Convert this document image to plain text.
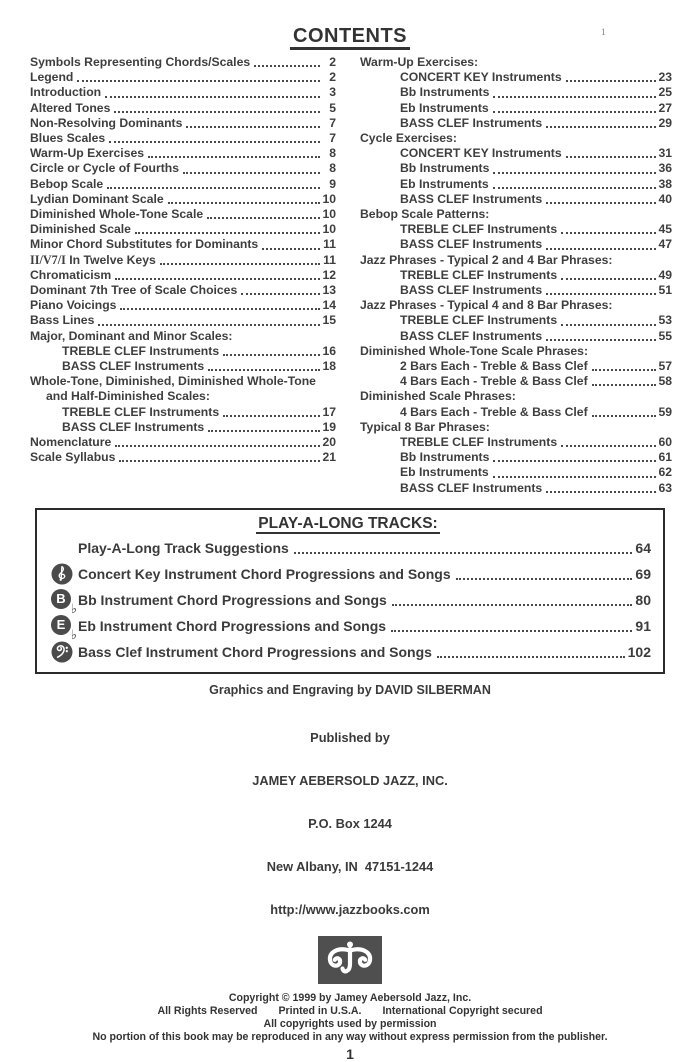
1
CONTENTS
Symbols Representing Chords/Scales	2
Legend	2
Introduction	3
Altered Tones	5
Non-Resolving Dominants	7
Blues Scales	7
Warm-Up Exercises	8
Circle or Cycle of Fourths	8
Bebop Scale	9
Lydian Dominant Scale	10
Diminished Whole-Tone Scale	10
Diminished Scale	10
Minor Chord Substitutes for Dominants	11
II/V7/I In Twelve Keys	11
Chromaticism	12
Dominant 7th Tree of Scale Choices	13
Piano Voicings	14
Bass Lines	15
Major, Dominant and Minor Scales:
TREBLE CLEF Instruments	16
BASS CLEF Instruments	18
Whole-Tone, Diminished, Diminished Whole-Tone and Half-Diminished Scales:
TREBLE CLEF Instruments	17
BASS CLEF Instruments	19
Nomenclature	20
Scale Syllabus	21
Warm-Up Exercises:
CONCERT KEY Instruments	23
Bb Instruments	25
Eb Instruments	27
BASS CLEF Instruments	29
Cycle Exercises:
CONCERT KEY Instruments	31
Bb Instruments	36
Eb Instruments	38
BASS CLEF Instruments	40
Bebop Scale Patterns:
TREBLE CLEF Instruments	45
BASS CLEF Instruments	47
Jazz Phrases - Typical 2 and 4 Bar Phrases:
TREBLE CLEF Instruments	49
BASS CLEF Instruments	51
Jazz Phrases - Typical 4 and 8 Bar Phrases:
TREBLE CLEF Instruments	53
BASS CLEF Instruments	55
Diminished Whole-Tone Scale Phrases:
2 Bars Each - Treble & Bass Clef	57
4 Bars Each - Treble & Bass Clef	58
Diminished Scale Phrases:
4 Bars Each - Treble & Bass Clef	59
Typical 8 Bar Phrases:
TREBLE CLEF Instruments	60
Bb Instruments	61
Eb Instruments	62
BASS CLEF Instruments	63
PLAY-A-LONG TRACKS:
Play-A-Long Track Suggestions	64
Concert Key Instrument Chord Progressions and Songs	69
B
♭
Bb Instrument Chord Progressions and Songs	80
E
♭
Eb Instrument Chord Progressions and Songs	91
Bass Clef Instrument Chord Progressions and Songs	102
Graphics and Engraving by DAVID SILBERMAN

Published by

JAMEY AEBERSOLD JAZZ, INC.

P.O. Box 1244

New Albany, IN  47151-1244

http://www.jazzbooks.com

Copyright © 1999 by Jamey Aebersold Jazz, Inc.
All Rights Reserved Printed in U.S.A. International Copyright secured
All copyrights used by permission
No portion of this book may be reproduced in any way without express permission from the publisher.
1
